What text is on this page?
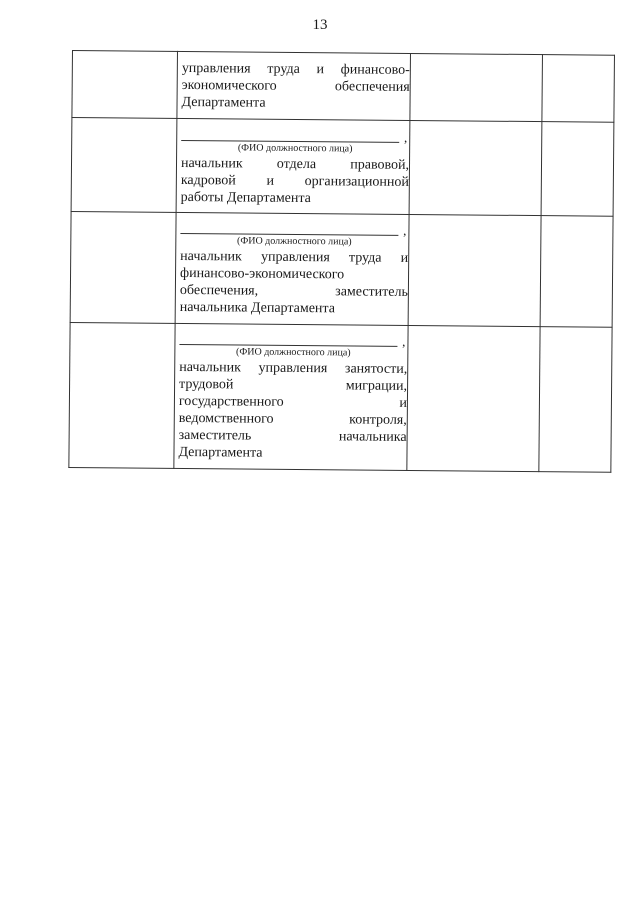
13
управления труда и финансово-
экономического обеспечения
Департамента
,
(ФИО должностного лица)
начальник отдела правовой,
кадровой и организационной
работы Департамента
,
(ФИО должностного лица)
начальник управления труда и
финансово-экономического
обеспечения, заместитель
начальника Департамента
,
(ФИО должностного лица)
начальник управления занятости,
трудовой миграции,
государственного и
ведомственного контроля,
заместитель начальника
Департамента
